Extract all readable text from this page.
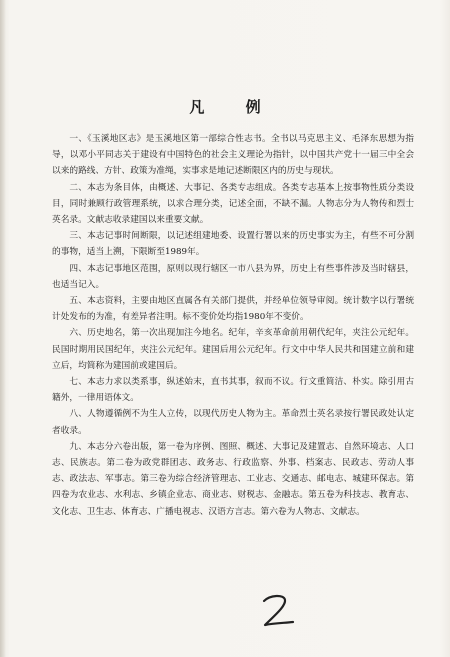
凡 例

一、《玉溪地区志》是玉溪地区第一部综合性志书。全书以马克思主义、毛泽东思想为指导，以邓小平同志关于建设有中国特色的社会主义理论为指针，以中国共产党十一届三中全会以来的路线、方针、政策为准绳，实事求是地记述断限区内的历史与现状。

二、本志为条目体，由概述、大事记、各类专志组成。各类专志基本上按事物性质分类设目，同时兼顾行政管理系统，以求合理分类，记述全面，不缺不漏。人物志分为人物传和烈士英名录。文献志收录建国以来重要文献。

三、本志记事时间断限，以记述组建地委、设置行署以来的历史事实为主，有些不可分割的事物，适当上溯，下限断至1989年。

四、本志记事地区范围，原则以现行辖区一市八县为界，历史上有些事件涉及当时辖县，也适当记入。

五、本志资料，主要由地区直属各有关部门提供，并经单位领导审阅。统计数字以行署统计处发布的为准，有差异者注明。标不变价处均指1980年不变价。

六、历史地名，第一次出现加注今地名。纪年，辛亥革命前用朝代纪年，夹注公元纪年。民国时期用民国纪年，夹注公元纪年。建国后用公元纪年。行文中中华人民共和国建立前和建立后，均简称为建国前或建国后。

七、本志力求以类系事，纵述始末，直书其事，叙而不议。行文重简洁、朴实。除引用古籍外，一律用语体文。

八、人物遵循例不为生人立传，以现代历史人物为主。革命烈士英名录按行署民政处认定者收录。

九、本志分六卷出版，第一卷为序例、图照、概述、大事记及建置志、自然环境志、人口志、民族志。第二卷为政党群团志、政务志、行政监察、外事、档案志、民政志、劳动人事志、政法志、军事志。第三卷为综合经济管理志、工业志、交通志、邮电志、城建环保志。第四卷为农业志、水利志、乡镇企业志、商业志、财税志、金融志。第五卷为科技志、教育志、文化志、卫生志、体育志、广播电视志、汉语方言志。第六卷为人物志、文献志。
